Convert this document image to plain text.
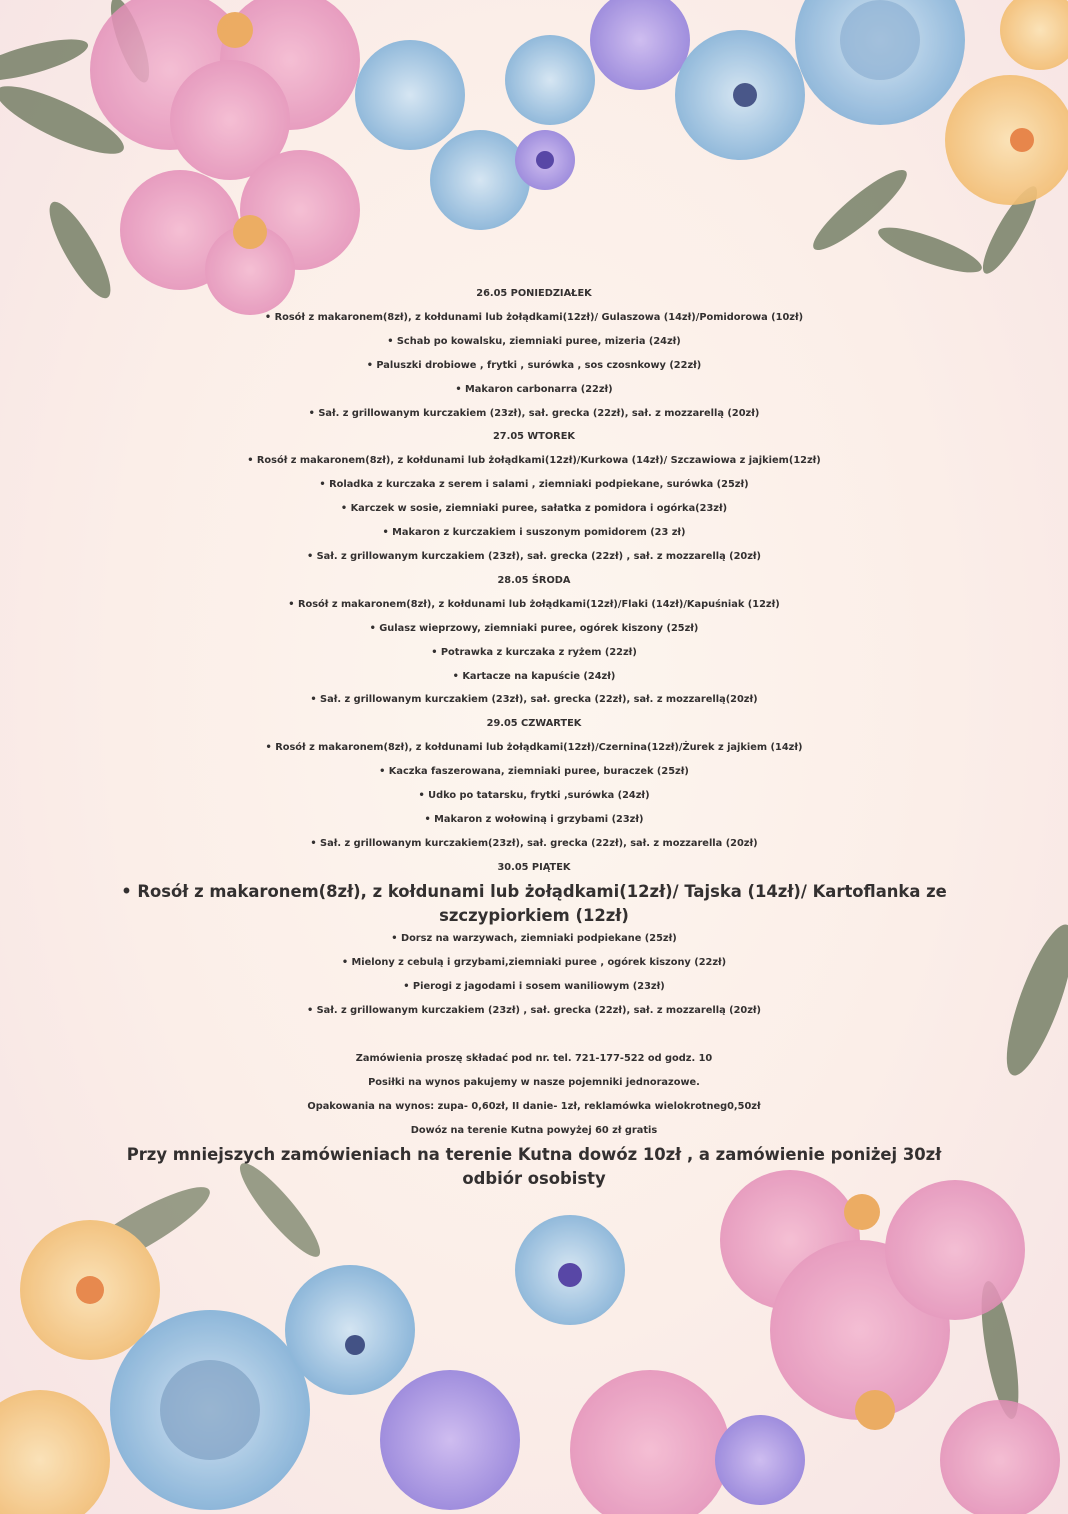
26.05 PONIEDZIAŁEK
• Rosół z makaronem(8zł), z kołdunami lub żołądkami(12zł)/ Gulaszowa (14zł)/Pomidorowa (10zł)
• Schab po kowalsku, ziemniaki puree, mizeria (24zł)
• Paluszki drobiowe , frytki , surówka , sos czosnkowy (22zł)
• Makaron carbonarra (22zł)
• Sał. z grillowanym kurczakiem (23zł), sał. grecka (22zł), sał. z mozzarellą (20zł)
27.05 WTOREK
• Rosół z makaronem(8zł), z kołdunami lub żołądkami(12zł)/Kurkowa (14zł)/ Szczawiowa z jajkiem(12zł)
• Roladka z kurczaka z serem i salami , ziemniaki podpiekane, surówka (25zł)
• Karczek w sosie, ziemniaki puree, sałatka z pomidora i ogórka(23zł)
• Makaron z kurczakiem i suszonym pomidorem (23 zł)
• Sał. z grillowanym kurczakiem (23zł), sał. grecka (22zł) , sał. z mozzarellą (20zł)
28.05 ŚRODA
• Rosół z makaronem(8zł), z kołdunami lub żołądkami(12zł)/Flaki (14zł)/Kapuśniak (12zł)
• Gulasz wieprzowy, ziemniaki puree, ogórek kiszony (25zł)
• Potrawka z kurczaka z ryżem (22zł)
• Kartacze na kapuście (24zł)
• Sał. z grillowanym kurczakiem (23zł), sał. grecka (22zł), sał. z mozzarellą(20zł)
29.05 CZWARTEK
• Rosół z makaronem(8zł), z kołdunami lub żołądkami(12zł)/Czernina(12zł)/Żurek z jajkiem (14zł)
• Kaczka faszerowana, ziemniaki puree, buraczek (25zł)
• Udko po tatarsku, frytki ,surówka (24zł)
• Makaron z wołowiną i grzybami (23zł)
• Sał. z grillowanym kurczakiem(23zł), sał. grecka (22zł), sał. z mozzarella (20zł)
30.05 PIĄTEK
• Rosół z makaronem(8zł), z kołdunami lub żołądkami(12zł)/ Tajska (14zł)/ Kartoflanka ze szczypiorkiem (12zł)
• Dorsz na warzywach, ziemniaki podpiekane (25zł)
• Mielony z cebulą i grzybami,ziemniaki puree , ogórek kiszony (22zł)
• Pierogi z jagodami i sosem waniliowym (23zł)
• Sał. z grillowanym kurczakiem (23zł) , sał. grecka (22zł), sał. z mozzarellą (20zł)
Zamówienia proszę składać pod nr. tel. 721-177-522 od godz. 10
Posiłki na wynos pakujemy w nasze pojemniki jednorazowe.
Opakowania na wynos: zupa- 0,60zł, II danie- 1zł, reklamówka wielokrotneg0,50zł
Dowóz na terenie Kutna powyżej 60 zł gratis
Przy mniejszych zamówieniach na terenie Kutna dowóz 10zł , a zamówienie poniżej 30zł odbiór osobisty
